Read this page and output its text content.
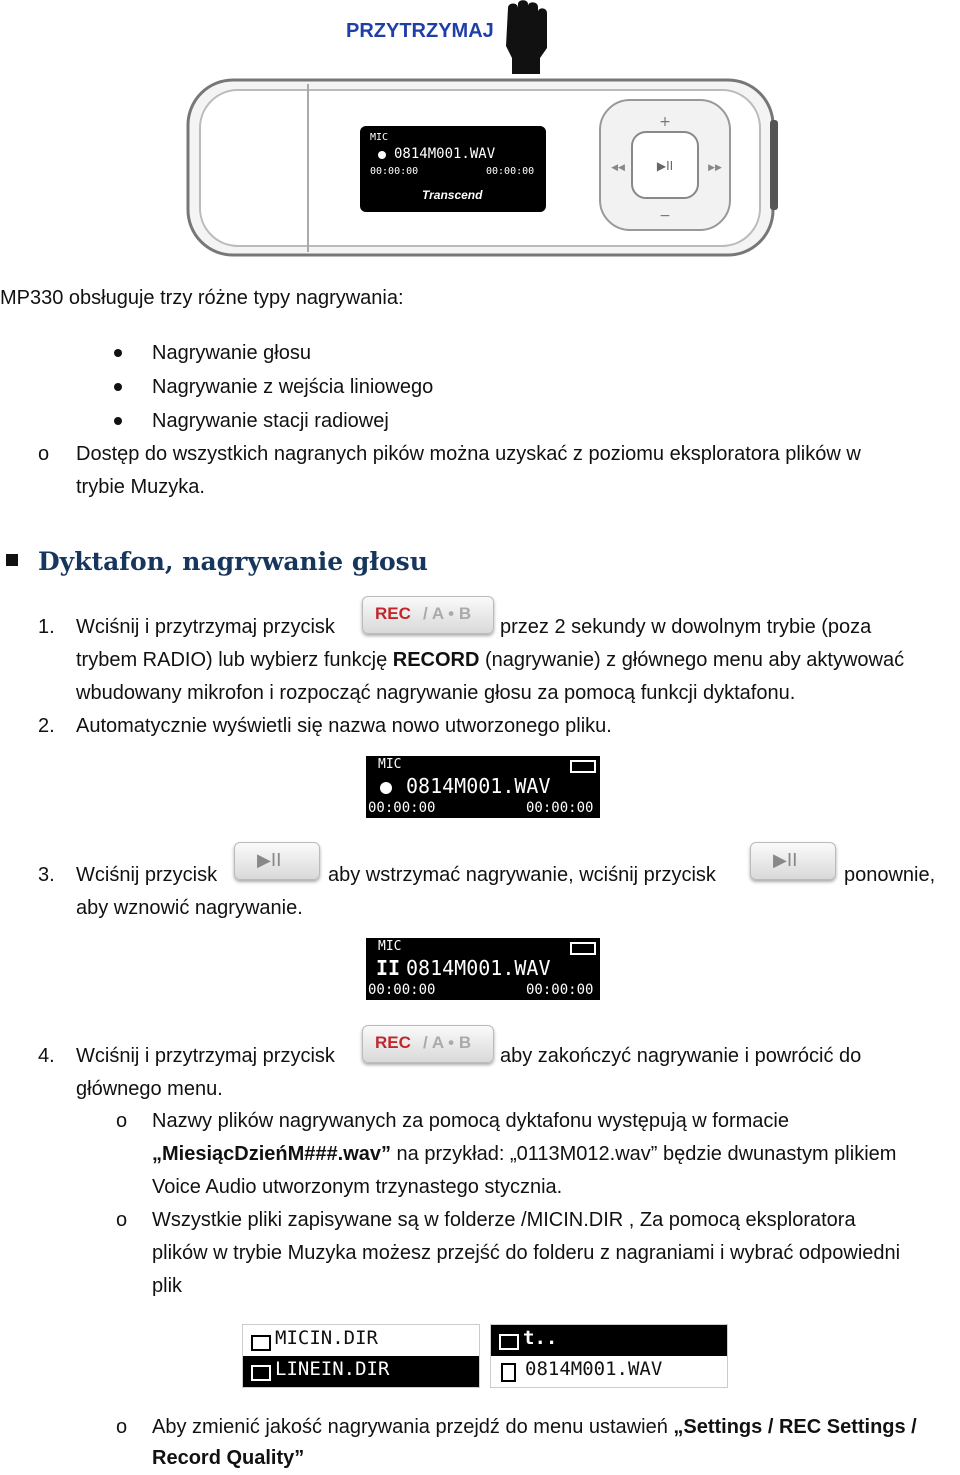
PRZYTRZYMAJ
▶II
+
−
◀◀	▶▶
MIC
0814M001.WAV
00:00:00	00:00:00
Transcend
MP330 obsługuje trzy różne typy nagrywania:
Nagrywanie głosu
Nagrywanie z wejścia liniowego
Nagrywanie stacji radiowej
o Dostęp do wszystkich nagranych pików można uzyskać z poziomu eksploratora plików w
trybie Muzyka.
Dyktafon, nagrywanie głosu
1. Wciśnij i przytrzymaj przycisk
REC / A • B
przez 2 sekundy w dowolnym trybie (poza
trybem RADIO) lub wybierz funkcję RECORD (nagrywanie) z głównego menu aby aktywować
wbudowany mikrofon i rozpocząć nagrywanie głosu za pomocą funkcji dyktafonu.
2. Automatycznie wyświetli się nazwa nowo utworzonego pliku.
MIC
0814M001.WAV
00:00:00	00:00:00
3. Wciśnij przycisk
▶II
aby wstrzymać nagrywanie, wciśnij przycisk
▶II
ponownie,
aby wznowić nagrywanie.
MIC
II 0814M001.WAV
00:00:00	00:00:00
4. Wciśnij i przytrzymaj przycisk
REC / A • B
aby zakończyć nagrywanie i powrócić do
głównego menu.
o Nazwy plików nagrywanych za pomocą dyktafonu występują w formacie
„MiesiącDzieńM###.wav” na przykład: „0113M012.wav” będzie dwunastym plikiem
Voice Audio utworzonym trzynastego stycznia.
o Wszystkie pliki zapisywane są w folderze /MICIN.DIR , Za pomocą eksploratora
plików w trybie Muzyka możesz przejść do folderu z nagraniami i wybrać odpowiedni
plik
MICIN.DIR
LINEIN.DIR
t..
0814M001.WAV
o Aby zmienić jakość nagrywania przejdź do menu ustawień „Settings / REC Settings /
Record Quality”
